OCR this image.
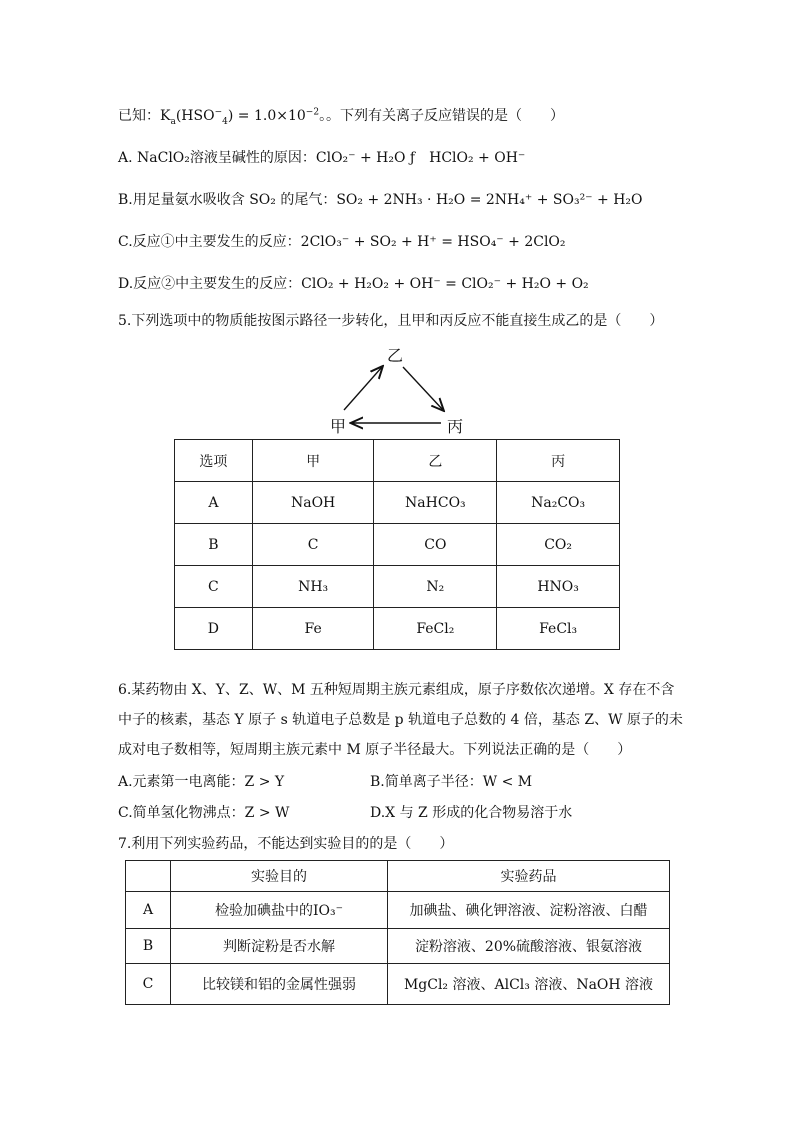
已知：$K_a(HSO^-_4) = 1.0\times 10^{-2}$。。下列有关离子反应错误的是（　　）
A. NaClO₂溶液呈碱性的原因：ClO₂⁻ + H₂O ƒ　HClO₂ + OH⁻
B.用足量氨水吸收含 SO₂ 的尾气：SO₂ + 2NH₃ · H₂O = 2NH₄⁺ + SO₃²⁻ + H₂O
C.反应①中主要发生的反应：2ClO₃⁻ + SO₂ + H⁺ = HSO₄⁻ + 2ClO₂
D.反应②中主要发生的反应：ClO₂ + H₂O₂ + OH⁻ = ClO₂⁻ + H₂O + O₂
5.下列选项中的物质能按图示路径一步转化，且甲和丙反应不能直接生成乙的是（　　）
乙
甲	丙
选项	甲	乙	丙
A	NaOH	NaHCO₃	Na₂CO₃
B	C	CO	CO₂
C	NH₃	N₂	HNO₃
D	Fe	FeCl₂	FeCl₃
6.某药物由 X、Y、Z、W、M 五种短周期主族元素组成，原子序数依次递增。X 存在不含
中子的核素，基态 Y 原子 s 轨道电子总数是 p 轨道电子总数的 4 倍，基态 Z、W 原子的未
成对电子数相等，短周期主族元素中 M 原子半径最大。下列说法正确的是（　　）
A.元素第一电离能：Z > Y	B.简单离子半径：W < M
C.简单氢化物沸点：Z > W	D.X 与 Z 形成的化合物易溶于水
7.利用下列实验药品，不能达到实验目的的是（　　）
	实验目的	实验药品
A	检验加碘盐中的IO₃⁻	加碘盐、碘化钾溶液、淀粉溶液、白醋
B	判断淀粉是否水解	淀粉溶液、20%硫酸溶液、银氨溶液
C	比较镁和铝的金属性强弱	MgCl₂ 溶液、AlCl₃ 溶液、NaOH 溶液
